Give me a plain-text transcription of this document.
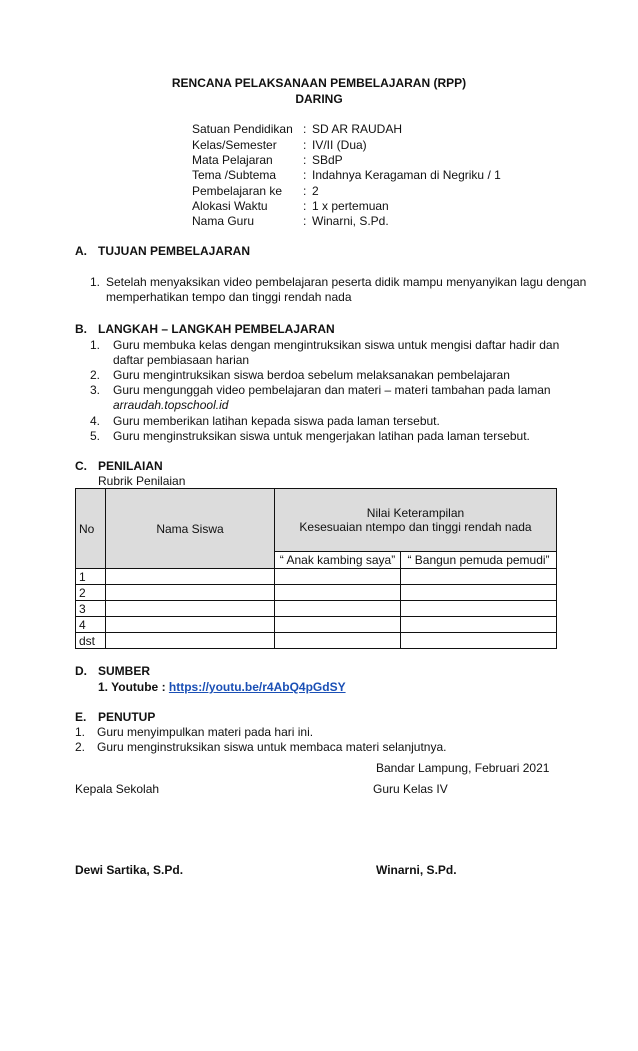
RENCANA PELAKSANAAN PEMBELAJARAN (RPP)
DARING
Satuan Pendidikan : SD AR RAUDAH
Kelas/Semester : IV/II (Dua)
Mata Pelajaran	: SBdP
Tema /Subtema : Indahnya Keragaman di Negriku / 1
Pembelajaran ke : 2
Alokasi Waktu	: 1 x pertemuan
Nama Guru	: Winarni, S.Pd.
A. TUJUAN PEMBELAJARAN
1. Setelah menyaksikan video pembelajaran peserta didik mampu menyanyikan lagu dengan
memperhatikan tempo dan tinggi rendah nada
B. LANGKAH – LANGKAH PEMBELAJARAN
1. Guru membuka kelas dengan mengintruksikan siswa untuk mengisi daftar hadir dan
daftar pembiasaan harian
2. Guru mengintruksikan siswa berdoa sebelum melaksanakan pembelajaran
3. Guru mengunggah video pembelajaran dan materi – materi tambahan pada laman
arraudah.topschool.id
4. Guru memberikan latihan kepada siswa pada laman tersebut.
5. Guru menginstruksikan siswa untuk mengerjakan latihan pada laman tersebut.
C. PENILAIAN
Rubrik Penilaian
No	Nama Siswa	Nilai Keterampilan
Kesesuaian ntempo dan tinggi rendah nada	

		“ Anak kambing saya”	“ Bangun pemuda pemudi”
1			
2			
3			
4			
dst			
D. SUMBER
1. Youtube : https://youtu.be/r4AbQ4pGdSY
E. PENUTUP
1. Guru menyimpulkan materi pada hari ini.
2. Guru menginstruksikan siswa untuk membaca materi selanjutnya.
Bandar Lampung, Februari 2021
Kepala Sekolah	Guru Kelas IV
Dewi Sartika, S.Pd.	Winarni, S.Pd.
